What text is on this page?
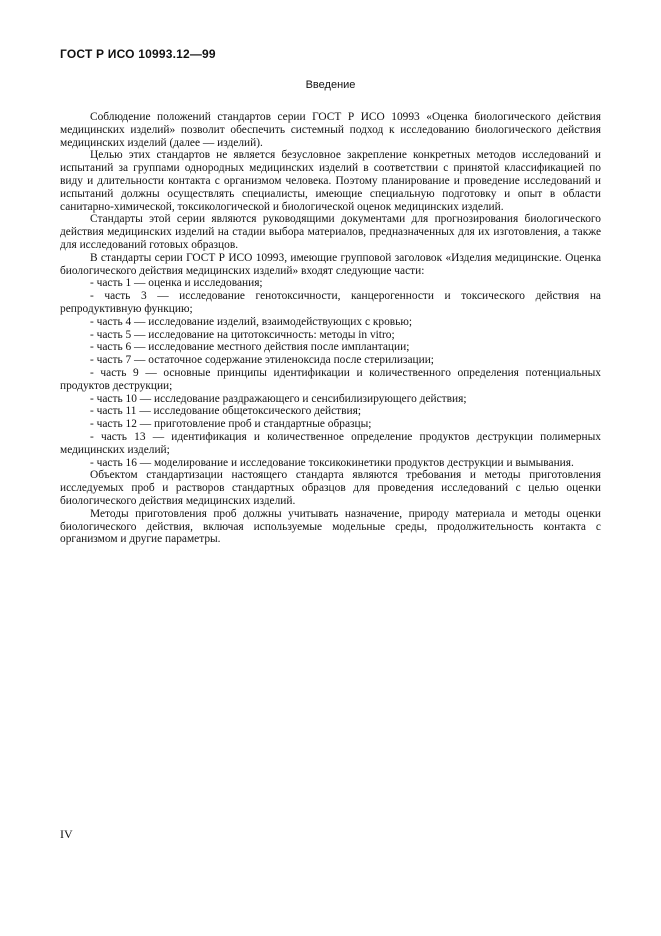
ГОСТ Р ИСО 10993.12—99
Введение

Соблюдение положений стандартов серии ГОСТ Р ИСО 10993 «Оценка биологического действия медицинских изделий» позволит обеспечить системный подход к исследованию биологического действия медицинских изделий (далее — изделий).

Целью этих стандартов не является безусловное закрепление конкретных методов исследований и испытаний за группами однородных медицинских изделий в соответствии с принятой классификацией по виду и длительности контакта с организмом человека. Поэтому планирование и проведение исследований и испытаний должны осуществлять специалисты, имеющие специальную подготовку и опыт в области санитарно-химической, токсикологической и биологической оценок медицинских изделий.

Стандарты этой серии являются руководящими документами для прогнозирования биологического действия медицинских изделий на стадии выбора материалов, предназначенных для их изготовления, а также для исследований готовых образцов.

В стандарты серии ГОСТ Р ИСО 10993, имеющие групповой заголовок «Изделия медицинские. Оценка биологического действия медицинских изделий» входят следующие части:

- часть 1 — оценка и исследования;

- часть 3 — исследование генотоксичности, канцерогенности и токсического действия на репродуктивную функцию;

- часть 4 — исследование изделий, взаимодействующих с кровью;

- часть 5 — исследование на цитотоксичность: методы in vitro;

- часть 6 — исследование местного действия после имплантации;

- часть 7 — остаточное содержание этиленоксида после стерилизации;

- часть 9 — основные принципы идентификации и количественного определения потенциальных продуктов деструкции;

- часть 10 — исследование раздражающего и сенсибилизирующего действия;

- часть 11 — исследование общетоксического действия;

- часть 12 — приготовление проб и стандартные образцы;

- часть 13 — идентификация и количественное определение продуктов деструкции полимерных медицинских изделий;

- часть 16 — моделирование и исследование токсикокинетики продуктов деструкции и вымывания.

Объектом стандартизации настоящего стандарта являются требования и методы приготовления исследуемых проб и растворов стандартных образцов для проведения исследований с целью оценки биологического действия медицинских изделий.

Методы приготовления проб должны учитывать назначение, природу материала и методы оценки биологического действия, включая используемые модельные среды, продолжительность контакта с организмом и другие параметры.

IV
